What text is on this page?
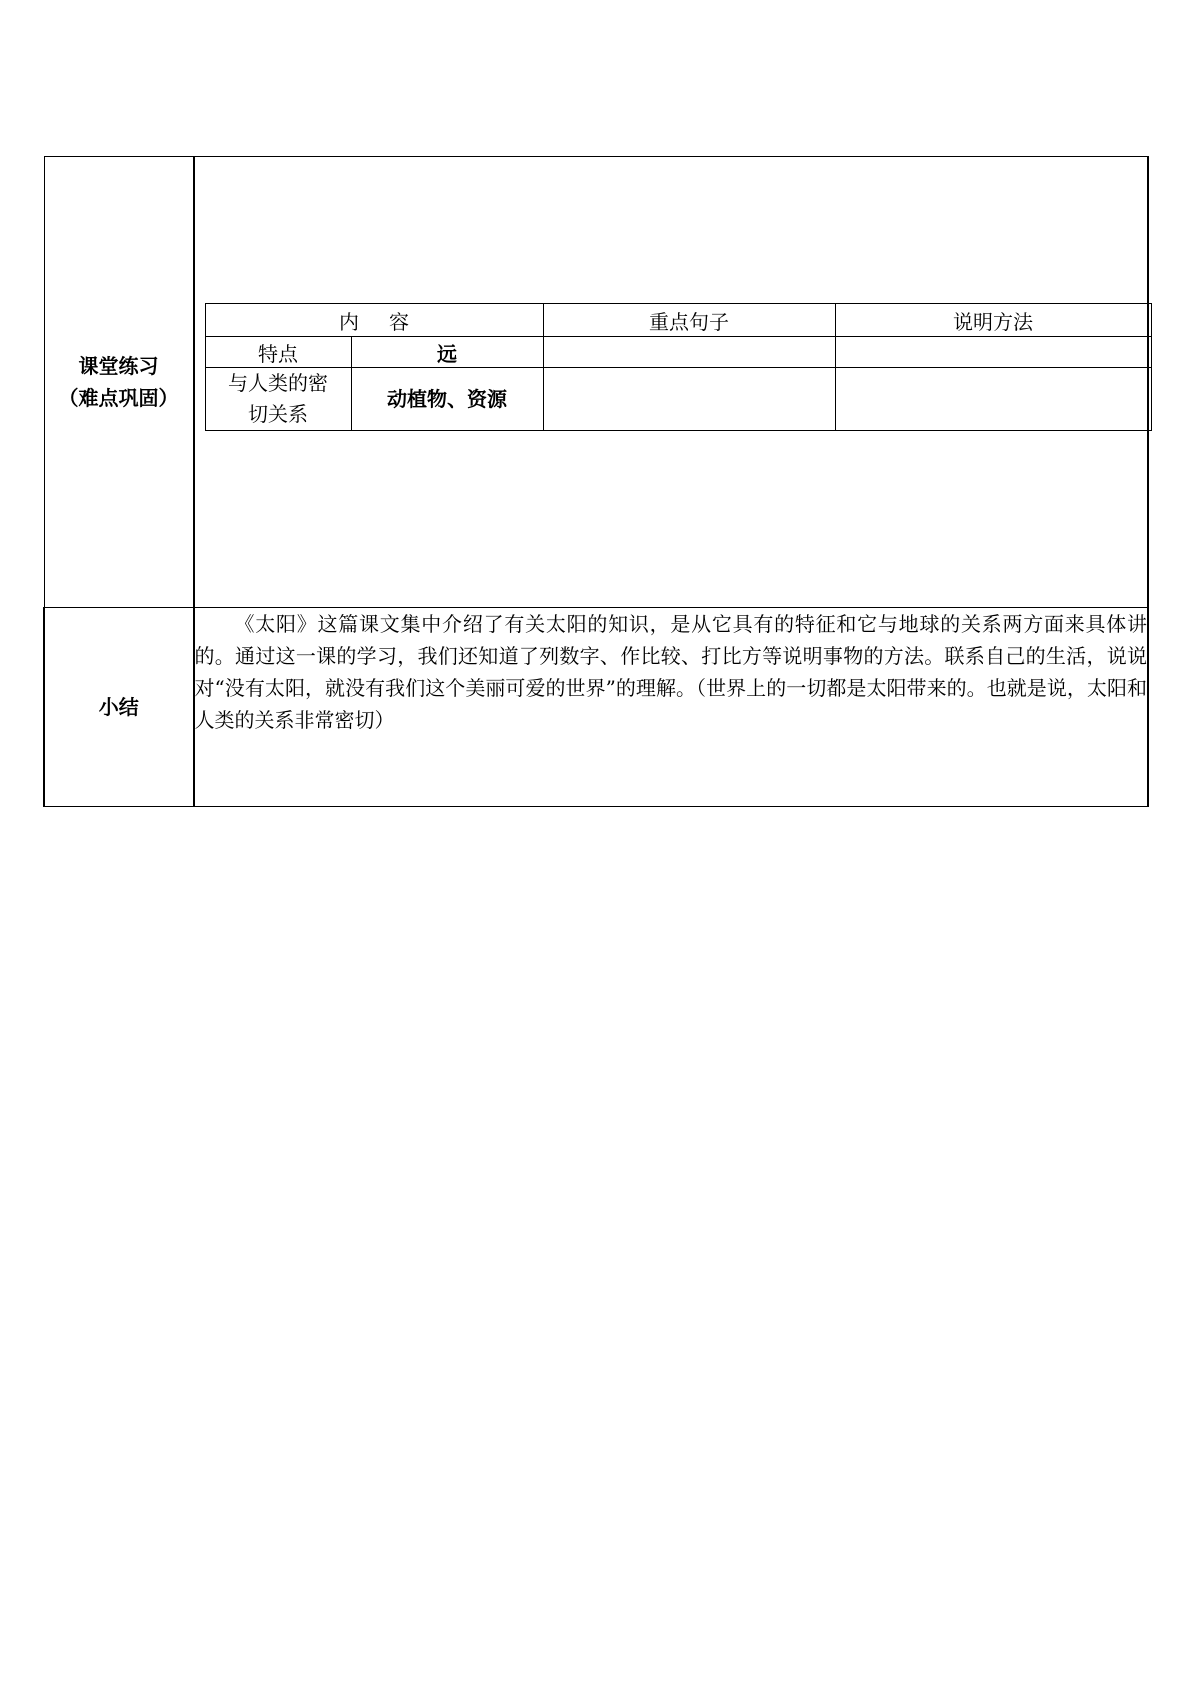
课堂练习
（难点巩固）

内容	重点句子	说明方法
特点	远		
与人类的密切关系	动植物、资源		

小结	《太阳》这篇课文集中介绍了有关太阳的知识，是从它具有的特征和它与地球的关系两方面来具体讲的。通过这一课的学习，我们还知道了列数字、作比较、打比方等说明事物的方法。联系自己的生活，说说对“没有太阳，就没有我们这个美丽可爱的世界”的理解。（世界上的一切都是太阳带来的。也就是说，太阳和人类的关系非常密切）
